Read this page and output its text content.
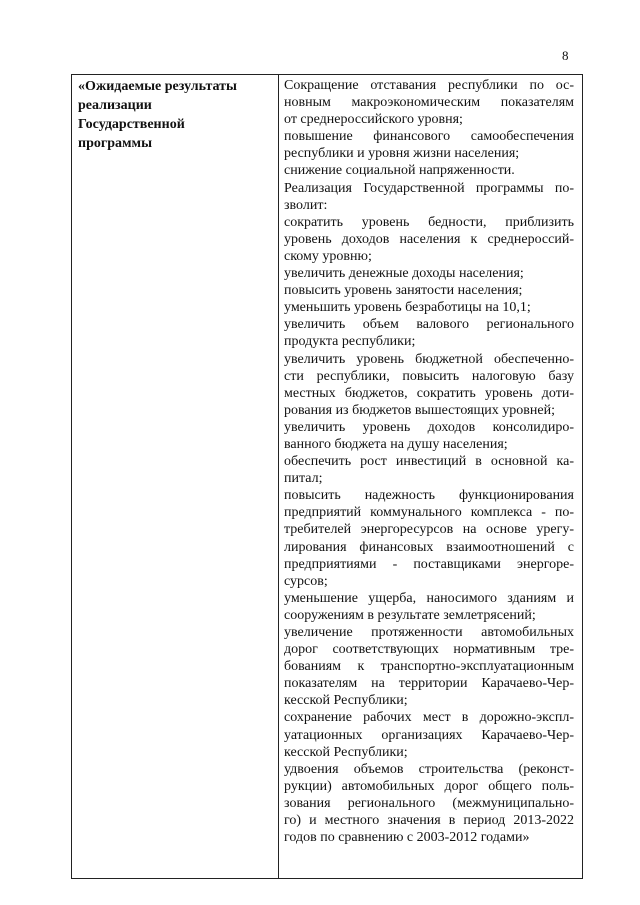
8
«Ожидаемые результаты
реализации
Государственной
программы
Сокращение отставания республики по ос-
новным макроэкономическим показателям
от среднероссийского уровня;
повышение финансового самообеспечения
республики и уровня жизни населения;
снижение социальной напряженности.
Реализация Государственной программы по-
зволит:
сократить уровень бедности, приблизить
уровень доходов населения к среднероссий-
скому уровню;
увеличить денежные доходы населения;
повысить уровень занятости населения;
уменьшить уровень безработицы на 10,1;
увеличить объем валового регионального
продукта республики;
увеличить уровень бюджетной обеспеченно-
сти республики, повысить налоговую базу
местных бюджетов, сократить уровень доти-
рования из бюджетов вышестоящих уровней;
увеличить уровень доходов консолидиро-
ванного бюджета на душу населения;
обеспечить рост инвестиций в основной ка-
питал;
повысить надежность функционирования
предприятий коммунального комплекса - по-
требителей энергоресурсов на основе урегу-
лирования финансовых взаимоотношений с
предприятиями - поставщиками энергоре-
сурсов;
уменьшение ущерба, наносимого зданиям и
сооружениям в результате землетрясений;
увеличение протяженности автомобильных
дорог соответствующих нормативным тре-
бованиям к транспортно-эксплуатационным
показателям на территории Карачаево-Чер-
кесской Республики;
сохранение рабочих мест в дорожно-экспл-
уатационных организациях Карачаево-Чер-
кесской Республики;
удвоения объемов строительства (реконст-
рукции) автомобильных дорог общего поль-
зования регионального (межмуниципально-
го) и местного значения в период 2013-2022
годов по сравнению с 2003-2012 годами»
